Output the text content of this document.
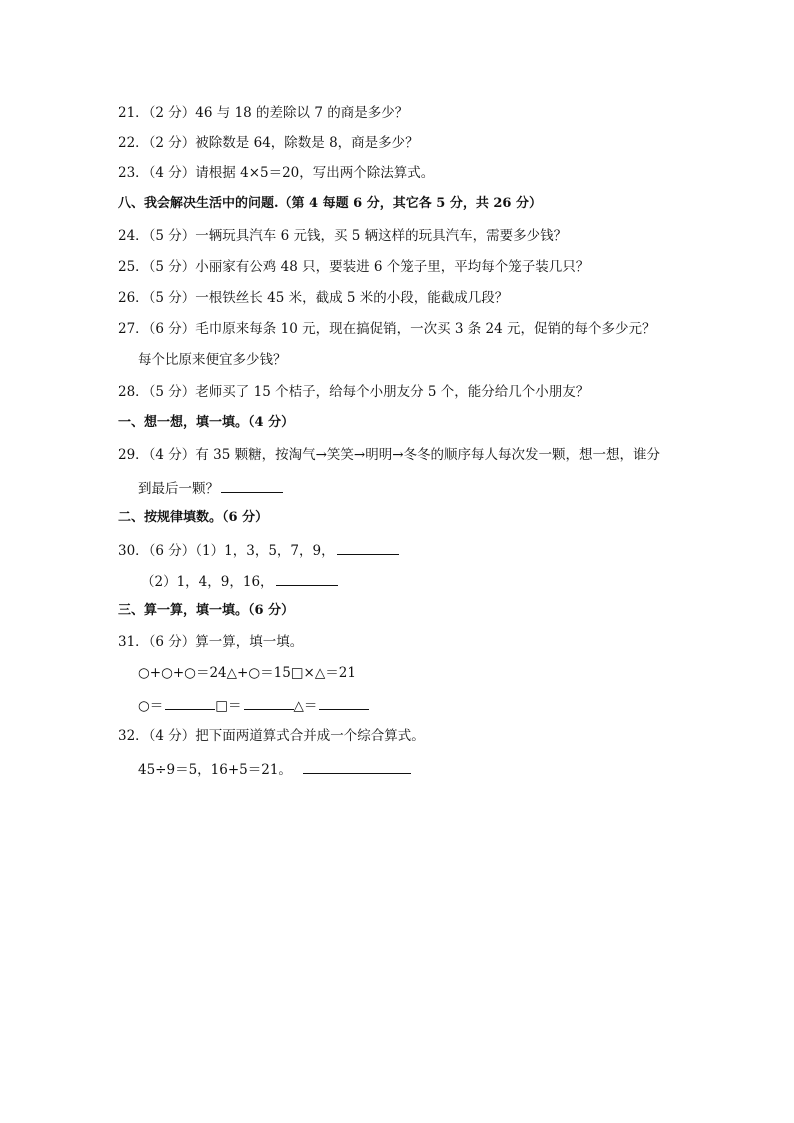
21．（2 分）46 与 18 的差除以 7 的商是多少？
22．（2 分）被除数是 64，除数是 8，商是多少？
23．（4 分）请根据 4×5＝20，写出两个除法算式。
八、我会解决生活中的问题.（第 4 每题 6 分，其它各 5 分，共 26 分）
24．（5 分）一辆玩具汽车 6 元钱，买 5 辆这样的玩具汽车，需要多少钱？
25．（5 分）小丽家有公鸡 48 只，要装进 6 个笼子里，平均每个笼子装几只？
26．（5 分）一根铁丝长 45 米，截成 5 米的小段，能截成几段？
27．（6 分）毛巾原来每条 10 元，现在搞促销，一次买 3 条 24 元，促销的每个多少元？
每个比原来便宜多少钱？
28．（5 分）老师买了 15 个桔子，给每个小朋友分 5 个，能分给几个小朋友？
一、想一想，填一填。（4 分）
29．（4 分）有 35 颗糖，按淘气→笑笑→明明→冬冬的顺序每人每次发一颗，想一想，谁分
到最后一颗？
二、按规律填数。（6 分）
30．（6 分）（1）1，3，5，7，9，
（2）1，4，9，16，
三、算一算，填一填。（6 分）
31．（6 分）算一算，填一填。
○+○+○＝24△+○＝15□×△＝21
○＝	□＝	△＝
32．（4 分）把下面两道算式合并成一个综合算式。
45÷9＝5，16+5＝21。
